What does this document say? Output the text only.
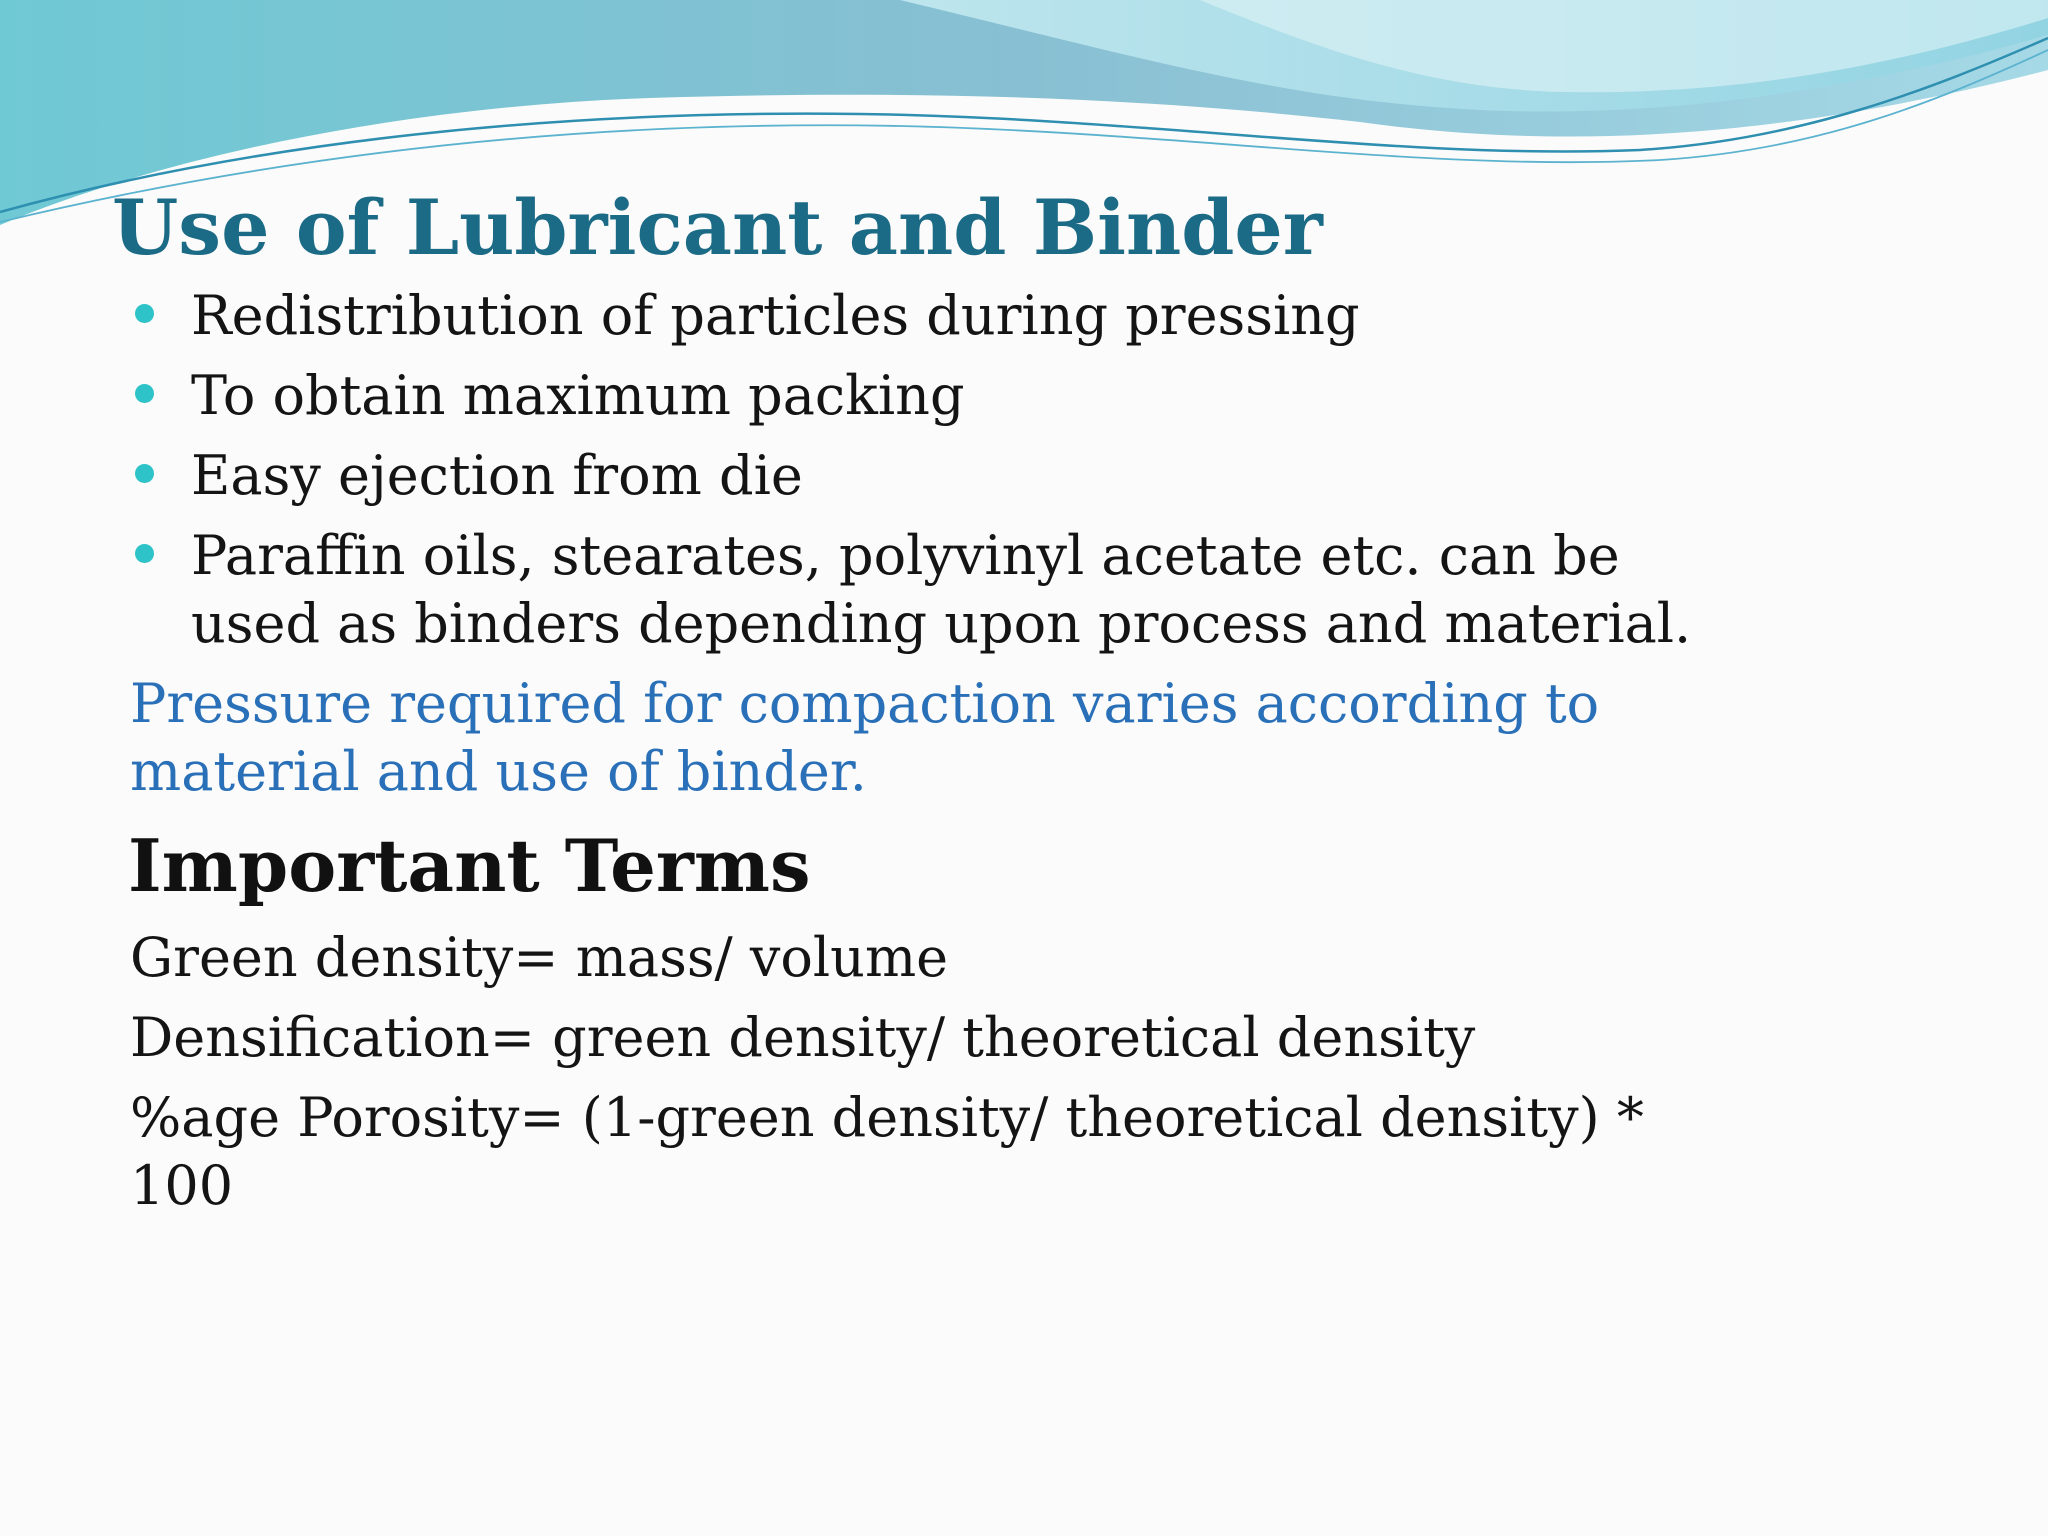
Use of Lubricant and Binder
Redistribution of particles during pressing
To obtain maximum packing
Easy ejection from die
Paraffin oils, stearates, polyvinyl acetate etc. can be used as binders depending upon process and material.

Pressure required for compaction varies according to material and use of binder.

Important Terms

Green density= mass/ volume

Densification= green density/ theoretical density

%age Porosity= (1-green density/ theoretical density) * 100
